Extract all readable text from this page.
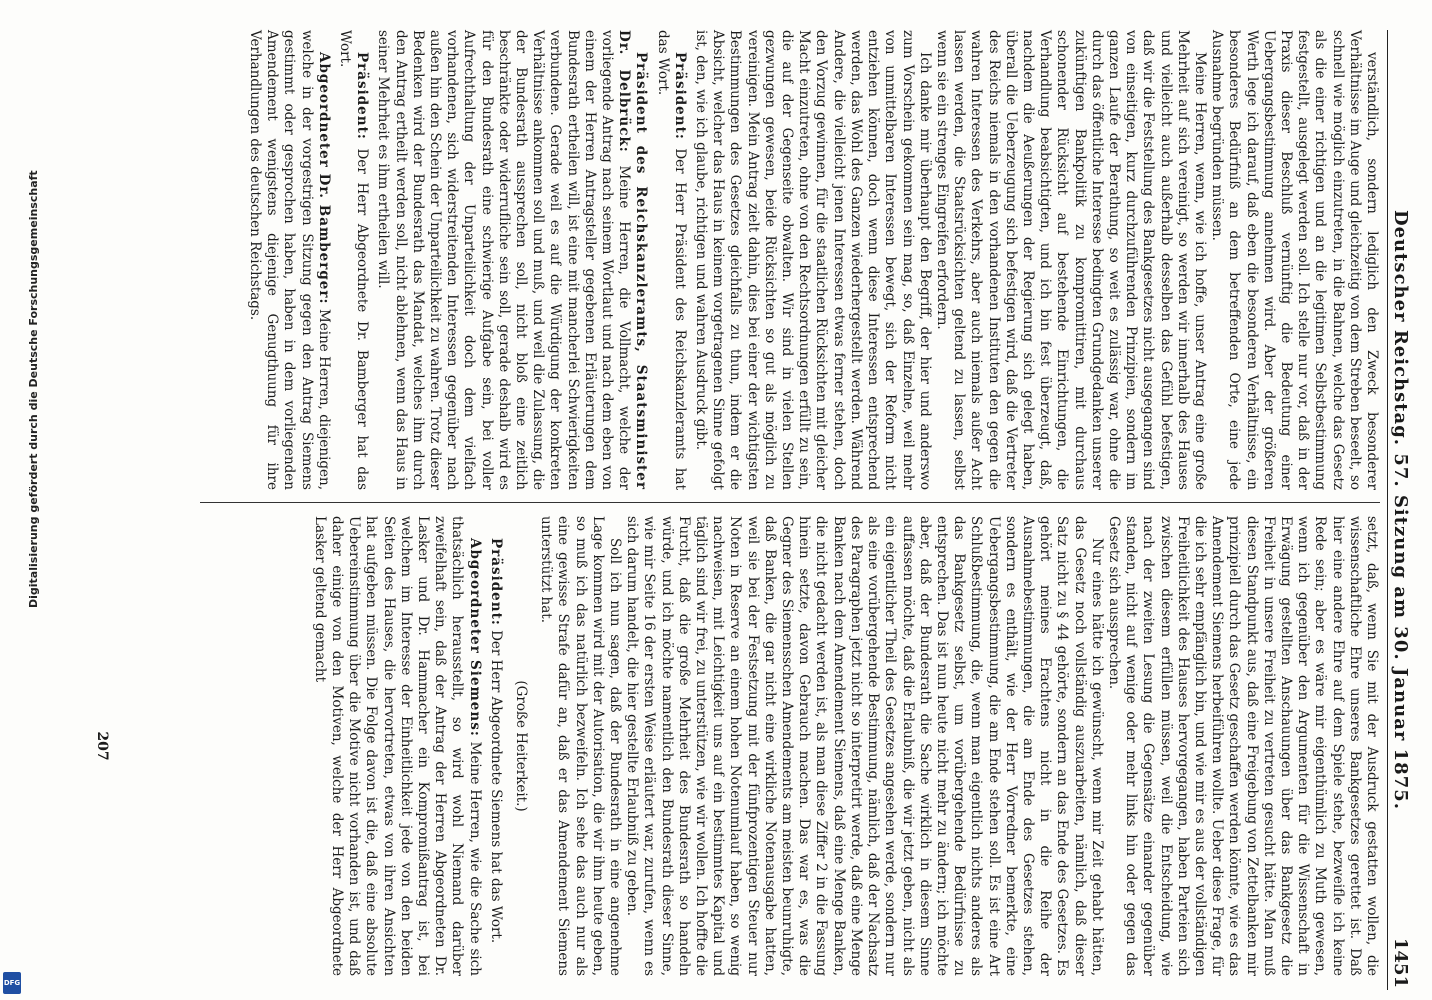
Deutscher Reichstag. 57. Sitzung am 30. Januar 1875.
1451

verständlich, sondern lediglich den Zweck besonderer Verhältnisse im Auge und gleichzeitig von dem Streben beseelt, so schnell wie möglich einzutreten, in die Bahnen, welche das Gesetz als die einer richtigen und an die legitimen Selbstbestimmung festgestellt, ausgelegt werden soll. Ich stelle nur vor, daß in der Praxis dieser Beschluß vernünftig die Bedeutung einer Uebergangsbestimmung annehmen wird. Aber der größeren Werth lege ich darauf, daß eben die besonderen Verhältnisse, ein besonderes Bedürfniß an dem betreffenden Orte, eine jede Ausnahme begründen müssen.

Meine Herren, wenn, wie ich hoffe, unser Antrag eine große Mehrheit auf sich vereinigt, so werden wir innerhalb des Hauses und vielleicht auch außerhalb desselben das Gefühl befestigen, daß wir die Feststellung des Bankgesetzes nicht ausgegangen sind von einseitigen, kurz durchzuführenden Prinzipien, sondern im ganzen Laufe der Berathung, so weit es zulässig war, ohne die durch das öffentliche Interesse bedingten Grundgedanken unserer zukünftigen Bankpolitik zu kompromittiren, mit durchaus schonender Rücksicht auf bestehende Einrichtungen, die Verhandlung beabsichtigten, und ich bin fest überzeugt, daß, nachdem die Aeußerungen der Regierung sich gelegt haben, überall die Ueberzeugung sich befestigen wird, daß die Vertreter des Reichs niemals in den vorhandenen Instituten den gegen die wahren Interessen des Verkehrs, aber auch niemals außer Acht lassen werden, die Staatsrücksichten geltend zu lassen, selbst wenn sie ein strenges Eingreifen erfordern.

Ich danke mir überhaupt den Begriff, der hier und anderswo zum Vorschein gekommen sein mag, so, daß Einzelne, weil mehr von unmittelbaren Interessen bewegt, sich der Reform nicht entziehen können, doch wenn diese Interessen entsprechend werden, das Wohl des Ganzen wiederhergestellt werden. Während Andere, die vielleicht jenen Interessen etwas ferner stehen, doch den Vorzug gewinnen, für die staatlichen Rücksichten mit gleicher Macht einzutreten, ohne von den Rechtsordnungen erfüllt zu sein, die auf der Gegenseite obwalten. Wir sind in vielen Stellen gezwungen gewesen, beide Rücksichten so gut als möglich zu vereinigen. Mein Antrag zielt dahin, dies bei einer der wichtigsten Bestimmungen des Gesetzes gleichfalls zu thun, indem er die Absicht, welcher das Haus in keinem vorgetragenen Sinne gefolgt ist, den, wie ich glaube, richtigen und wahren Ausdruck gibt.

Präsident: Der Herr Präsident des Reichskanzleramts hat das Wort.

Präsident des Reichskanzleramts, Staatsminister Dr. Delbrück: Meine Herren, die Vollmacht, welche der vorliegende Antrag nach seinem Wortlaut und nach dem eben von einem der Herren Antragsteller gegebenen Erläuterungen dem Bundesrath ertheilen will, ist eine mit mancherlei Schwierigkeiten verbundene. Gerade weil es auf die Würdigung der konkreten Verhältnisse ankommen soll und muß, und weil die Zulassung, die der Bundesrath aussprechen soll, nicht bloß eine zeitlich beschränkte oder widerrufliche sein soll, gerade deshalb wird es für den Bundesrath eine schwierige Aufgabe sein, bei voller Aufrechthaltung der Unparteilichkeit doch dem vielfach vorhandenen, sich widerstreitenden Interessen gegenüber nach außen hin den Schein der Unparteilichkeit zu wahren. Trotz dieser Bedenken wird der Bundesrath das Mandat, welches ihm durch den Antrag ertheilt werden soll, nicht ablehnen, wenn das Haus in seiner Mehrheit es ihm ertheilen will.

Präsident: Der Herr Abgeordnete Dr. Bamberger hat das Wort.

Abgeordneter Dr. Bamberger: Meine Herren, diejenigen, welche in der vorgestrigen Sitzung gegen den Antrag Siemens gestimmt oder gesprochen haben, haben in dem vorliegenden Amendement wenigstens diejenige Genugthuung für ihre Verhandlungen des deutschen Reichstags.

setzt, daß, wenn Sie mit der Ausdruck gestatten wollen, die wissenschaftliche Ehre unseres Bankgesetzes gerettet ist. Daß hier eine andere Ehre auf dem Spiele stehe, bezweifle ich keine Rede sein; aber es wäre mir eigenthümlich zu Muth gewesen, wenn ich gegenüber den Argumenten für die Wissenschaft in Erwägung gestellten Anschauungen über das Bankgesetz die Freiheit in unsere Freiheit zu vertreten gesucht hätte. Man muß diesen Standpunkt aus, daß eine Freigebung von Zettelbanken mir prinzipiell durch das Gesetz geschaffen werden könnte, wie es das Amendement Siemens herbeiführen wollte. Ueber diese Frage, für die ich sehr empfänglich bin, und wie mir es aus der vollständigen Freiheitlichkeit des Hauses hervorgegangen, haben Parteien sich zwischen diesem erfüllen müssen, weil die Entscheidung, wie nach der zweiten Lesung die Gegensätze einander gegenüber standen, nicht auf wenige oder mehr links hin oder gegen das Gesetz sich aussprechen.

Nur eines hätte ich gewünscht, wenn mir Zeit gehabt hätten, das Gesetz noch vollständig auszuarbeiten, nämlich, daß dieser Satz nicht zu § 44 gehörte, sondern an das Ende des Gesetzes. Es gehört meines Erachtens nicht in die Reihe der Ausnahmebestimmungen, die am Ende des Gesetzes stehen, sondern es enthält, wie der Herr Vorredner bemerkte, eine Uebergangsbestimmung, die am Ende stehen soll. Es ist eine Art Schlußbestimmung, die, wenn man eigentlich nichts anderes als das Bankgesetz selbst, um vorübergehende Bedürfnisse zu entsprechen. Das ist nun heute nicht mehr zu ändern; ich möchte aber, daß der Bundesrath die Sache wirklich in diesem Sinne auffassen möchte, daß die Erlaubniß, die wir jetzt geben, nicht als ein eigentlicher Theil des Gesetzes angesehen werde, sondern nur als eine vorübergehende Bestimmung, nämlich, daß der Nachsatz des Paragraphen jetzt nicht so interpretirt werde, daß eine Menge Banken nach dem Amendement Siemens, daß eine Menge Banken, die nicht gedacht werden ist, als man diese Ziffer 2 in die Fassung hinein setzte, davon Gebrauch machen. Das war es, was die Gegner des Siemensschen Amendements am meisten beunruhigte, daß Banken, die gar nicht eine wirkliche Notenausgabe hatten, weil sie bei der Festsetzung mit der fünfprozentigen Steuer nur Noten in Reserve an einem hohen Notenumlauf haben, so wenig nachweisen, mit Leichtigkeit uns auf ein bestimmtes Kapital und täglich sind wir frei, zu unterstützen, wie wir wollen. Ich hoffte die Furcht, daß die große Mehrheit des Bundesrath so handeln würde, und ich möchte namentlich den Bundesrath dieser Sinne, wie mir Seite 16 der ersten Weise erläutert war, zurufen, wenn es sich darum handelt, die hier gestellte Erlaubniß zu geben.

Soll ich nun sagen, daß der Bundesrath in eine angenehme Lage kommen wird mit der Autorisation, die wir ihm heute geben, so muß ich das natürlich bezweifeln. Ich sehe das auch nur als eine gewisse Strafe dafür an, daß er das Amendement Siemens unterstützt hat.

(Große Heiterkeit.)

Präsident: Der Herr Abgeordnete Siemens hat das Wort.

Abgeordneter Siemens: Meine Herren, wie die Sache sich thatsächlich herausstellt, so wird wohl Niemand darüber zweifelhaft sein, daß der Antrag der Herren Abgeordneten Dr. Lasker und Dr. Hammacher ein Kompromißantrag ist, bei welchem im Interesse der Einheitlichkeit jede von den beiden Seiten des Hauses, die hervortreten, etwas von ihren Ansichten hat aufgeben müssen. Die Folge davon ist die, daß eine absolute Uebereinstimmung über die Motive nicht vorhanden ist, und daß daher einige von den Motiven, welche der Herr Abgeordnete Lasker geltend gemacht

207
Digitalisierung gefördert durch die Deutsche Forschungsgemeinschaft
DFG
